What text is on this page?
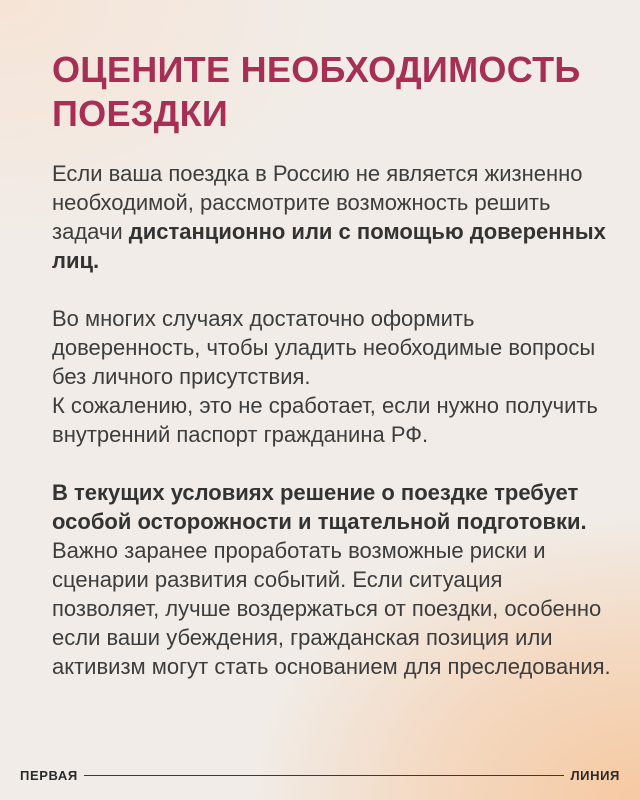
ОЦЕНИТЕ НЕОБХОДИМОСТЬ
ПОЕЗДКИ

Если ваша поездка в Россию не является жизненно необходимой, рассмотрите возможность решить задачи дистанционно или с помощью доверенных лиц.

Во многих случаях достаточно оформить доверенность, чтобы уладить необходимые вопросы без личного присутствия.
К сожалению, это не сработает, если нужно получить внутренний паспорт гражданина РФ.

В текущих условиях решение о поездке требует особой осторожности и тщательной подготовки. Важно заранее проработать возможные риски и сценарии развития событий. Если ситуация позволяет, лучше воздержаться от поездки, особенно если ваши убеждения, гражданская позиция или активизм могут стать основанием для преследования.

ПЕРВАЯ	ЛИНИЯ
